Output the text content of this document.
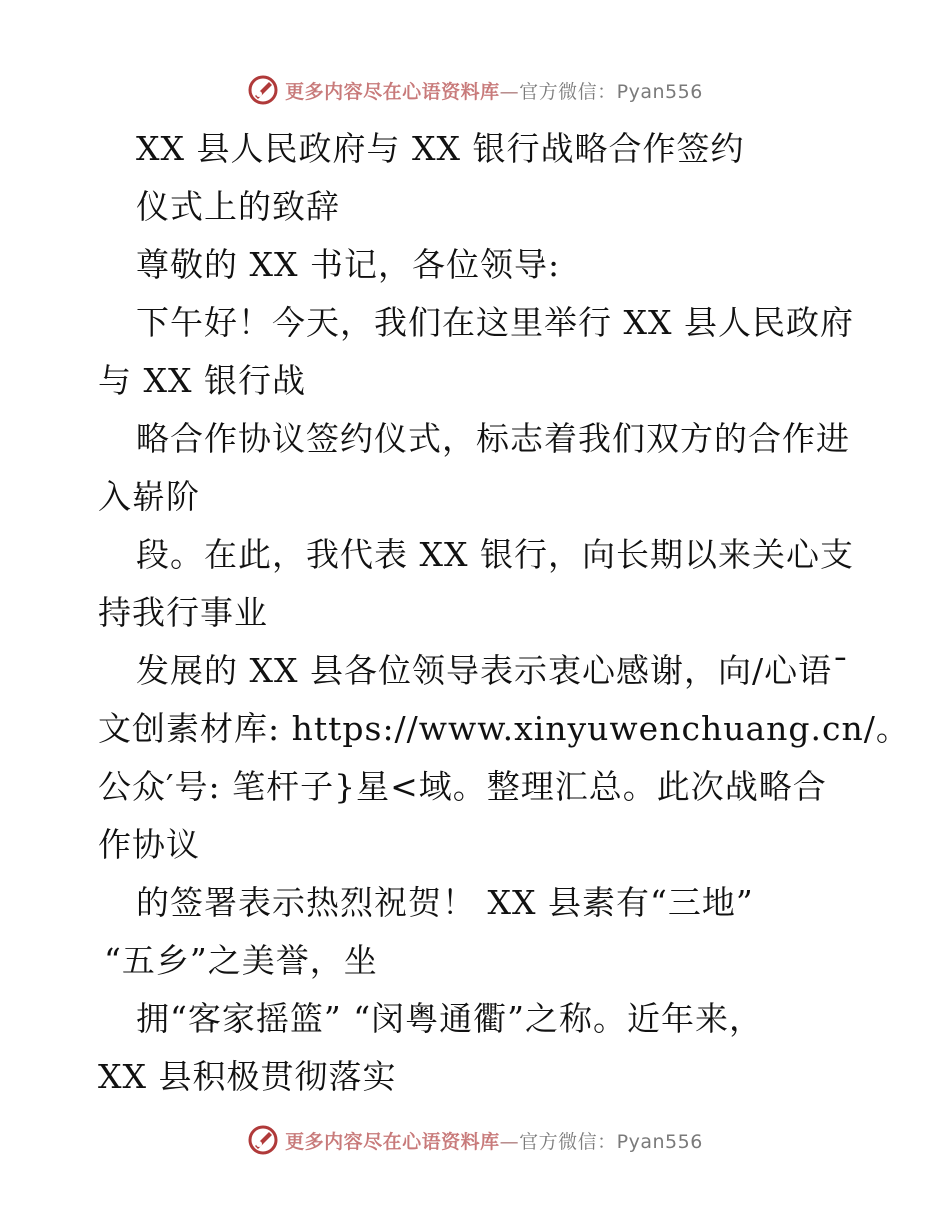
更多内容尽在心语资料库—官方微信：Pyan556
XX 县人民政府与 XX 银行战略合作签约
仪式上的致辞
尊敬的 XX 书记，各位领导:
下午好！今天，我们在这里举行 XX 县人民政府
与 XX 银行战
略合作协议签约仪式，标志着我们双方的合作进
入崭阶
段。在此，我代表 XX 银行，向长期以来关心支
持我行事业
发展的 XX 县各位领导表示衷心感谢，向/心语¯
文创素材库: https://www.xinyuwenchuang.cn/。
公众′号: 笔杆子}星<域。整理汇总。此次战略合
作协议
的签署表示热烈祝贺！ XX 县素有“三地”
“五乡”之美誉，坐
拥“客家摇篮” “闵粤通衢”之称。近年来，
XX 县积极贯彻落实
更多内容尽在心语资料库—官方微信：Pyan556
